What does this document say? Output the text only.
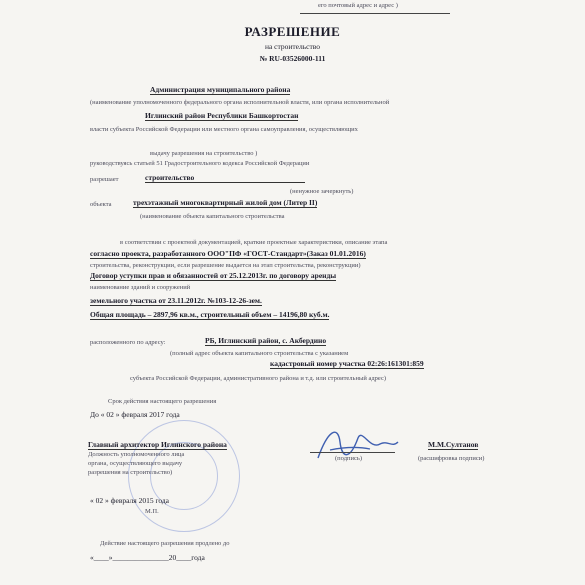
его почтовый адрес и адрес )
РАЗРЕШЕНИЕ
на строительство
№ RU-03526000-111
Администрация муниципального района
(наименование уполномоченного федерального органа исполнительной власти, или органа исполнительной
Иглинский район Республики Башкортостан
власти субъекта Российской Федерации или местного органа самоуправления, осуществляющих
выдачу разрешения на строительство )
руководствуясь статьей 51 Градостроительного кодекса Российской Федерации
разрешает	строительство
(ненужное зачеркнуть)
объекта	трехэтажный многоквартирный жилой дом (Литер II)
(наименование объекта капитального строительства
в соответствии с проектной документацией, краткие проектные характеристики, описание этапа
согласно проекта, разработанного ООО"ПФ «ГОСТ-Стандарт»(Заказ 01.01.2016)
строительства, реконструкции, если разрешение выдается на этап строительства, реконструкции)
Договор уступки прав и обязанностей от 25.12.2013г. по договору аренды
наименование зданий и сооружений
земельного участка от 23.11.2012г. №103-12-26-зем.
Общая площадь – 2897,96 кв.м., строительный объем – 14196,80 куб.м.
расположенного по адресу:	РБ, Иглинский район, с. Акбердино
(полный адрес объекта капитального строительства с указанием
кадастровый номер участка 02:26:161301:859
субъекта Российской Федерации, административного района и т.д. или строительный адрес)
Срок действия настоящего разрешения
До « 02 » февраля 2017 года
Главный архитектор Иглинского района
Должность уполномоченного лица
органа, осуществляющего выдачу
разрешения на строительство)
(подпись)
М.М.Султанов
(расшифровка подписи)
« 02 » февраля 2015 года
М.П.
Действие настоящего разрешения продлено до
«____»_______________20____года
